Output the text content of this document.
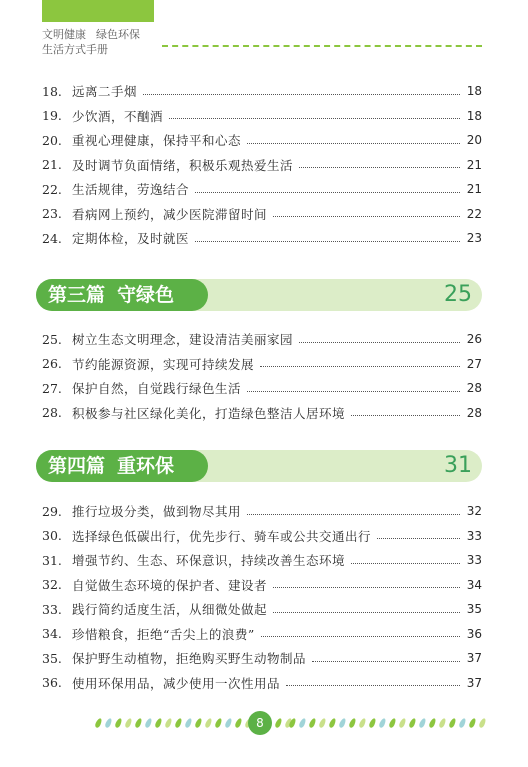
文明健康 绿色环保
生活方式手册
18. 远离二手烟	18
19. 少饮酒，不酗酒	18
20. 重视心理健康，保持平和心态	20
21. 及时调节负面情绪，积极乐观热爱生活	21
22. 生活规律，劳逸结合	21
23. 看病网上预约，减少医院滞留时间	22
24. 定期体检，及时就医	23
第三篇 守绿色	25
25. 树立生态文明理念，建设清洁美丽家园	26
26. 节约能源资源，实现可持续发展	27
27. 保护自然，自觉践行绿色生活	28
28. 积极参与社区绿化美化，打造绿色整洁人居环境	28
第四篇 重环保	31
29. 推行垃圾分类，做到物尽其用	32
30. 选择绿色低碳出行，优先步行、骑车或公共交通出行	33
31. 增强节约、生态、环保意识，持续改善生态环境	33
32. 自觉做生态环境的保护者、建设者	34
33. 践行简约适度生活，从细微处做起	35
34. 珍惜粮食，拒绝“舌尖上的浪费”	36
35. 保护野生动植物，拒绝购买野生动物制品	37
36. 使用环保用品，减少使用一次性用品	37
8
